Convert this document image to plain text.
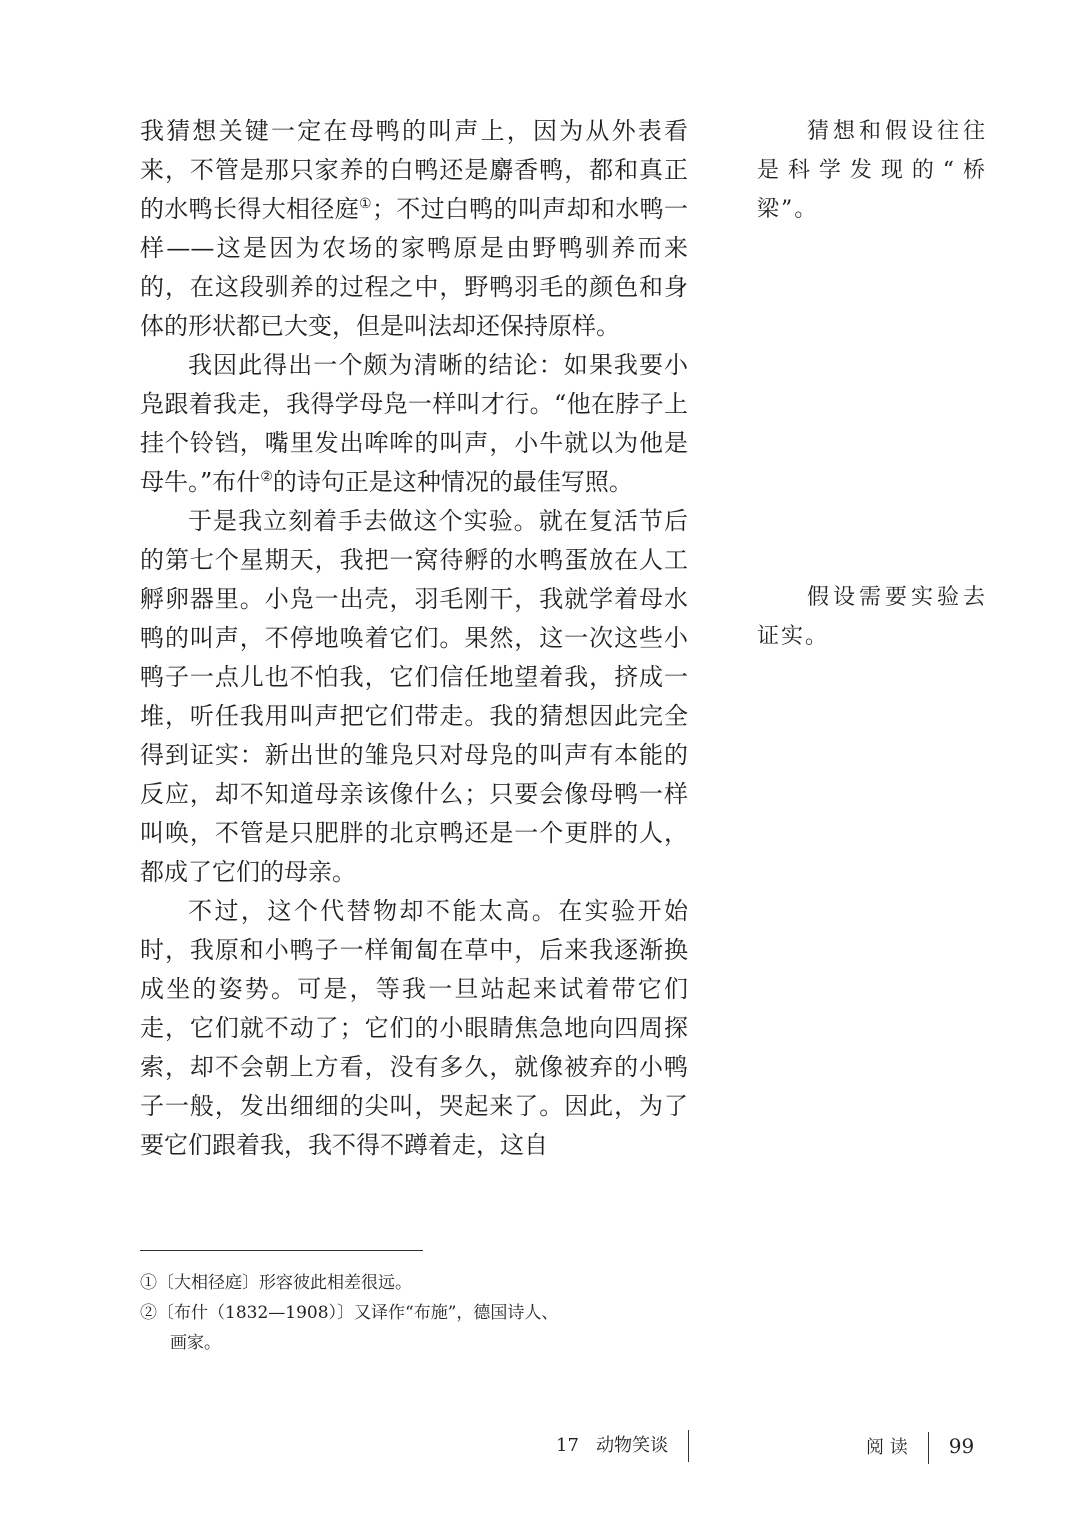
我猜想关键一定在母鸭的叫声上，因为从外表看来，不管是那只家养的白鸭还是麝香鸭，都和真正的水鸭长得大相径庭①；不过白鸭的叫声却和水鸭一样——这是因为农场的家鸭原是由野鸭驯养而来的，在这段驯养的过程之中，野鸭羽毛的颜色和身体的形状都已大变，但是叫法却还保持原样。

我因此得出一个颇为清晰的结论：如果我要小凫跟着我走，我得学母凫一样叫才行。“他在脖子上挂个铃铛，嘴里发出哞哞的叫声，小牛就以为他是母牛。”布什②的诗句正是这种情况的最佳写照。

于是我立刻着手去做这个实验。就在复活节后的第七个星期天，我把一窝待孵的水鸭蛋放在人工孵卵器里。小凫一出壳，羽毛刚干，我就学着母水鸭的叫声，不停地唤着它们。果然，这一次这些小鸭子一点儿也不怕我，它们信任地望着我，挤成一堆，听任我用叫声把它们带走。我的猜想因此完全得到证实：新出世的雏凫只对母凫的叫声有本能的反应，却不知道母亲该像什么；只要会像母鸭一样叫唤，不管是只肥胖的北京鸭还是一个更胖的人，都成了它们的母亲。

不过，这个代替物却不能太高。在实验开始时，我原和小鸭子一样匍匐在草中，后来我逐渐换成坐的姿势。可是，等我一旦站起来试着带它们走，它们就不动了；它们的小眼睛焦急地向四周探索，却不会朝上方看，没有多久，就像被弃的小鸭子一般，发出细细的尖叫，哭起来了。因此，为了要它们跟着我，我不得不蹲着走，这自

猜想和假设往往是科学发现的“桥梁”。

假设需要实验去证实。

①〔大相径庭〕形容彼此相差很远。

②〔布什（1832—1908）〕又译作“布施”，德国诗人、画家。

17 动物笑谈	阅 读 99
